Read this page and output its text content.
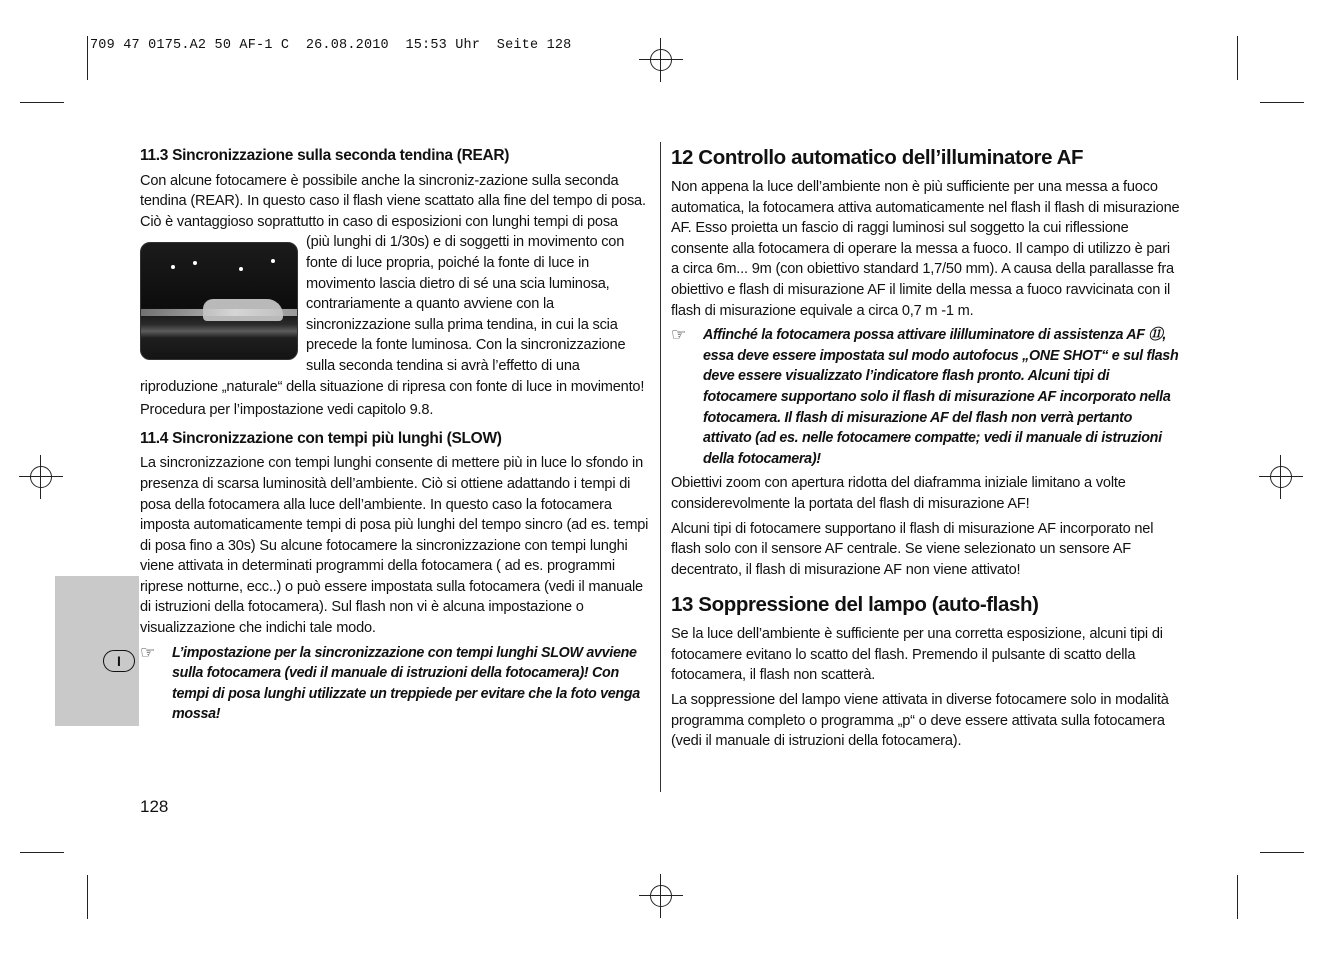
709 47 0175.A2 50 AF-1 C  26.08.2010  15:53 Uhr  Seite 128
I
11.3 Sincronizzazione sulla seconda tendina (REAR)

Con alcune fotocamere è possibile anche la sincroniz-zazione sulla seconda tendina (REAR). In questo caso il flash viene scattato alla fine del tempo di posa. Ciò è vantaggioso soprattutto in caso di esposizioni con lunghi tempi di posa

(più lunghi di 1/30s) e di soggetti in movimento con fonte di luce propria, poiché la fonte di luce in movimento lascia dietro di sé una scia luminosa, contrariamente a quanto avviene con la sincronizzazione sulla prima tendina, in cui la scia precede la fonte luminosa. Con la sincronizzazione sulla seconda tendina si avrà l’effetto di una riproduzione „naturale“ della situazione di ripresa con fonte di luce in movimento!

Procedura per l’impostazione vedi capitolo 9.8.

11.4 Sincronizzazione con tempi più lunghi (SLOW)

La sincronizzazione con tempi lunghi consente di mettere più in luce lo sfondo in presenza di scarsa luminosità dell’ambiente. Ciò si ottiene adattando i tempi di posa della fotocamera alla luce dell’ambiente. In questo caso la fotocamera imposta automaticamente tempi di posa più lunghi del tempo sincro (ad es. tempi di posa fino a 30s) Su alcune fotocamere la sincronizzazione con tempi lunghi viene attivata in determinati programmi della fotocamera ( ad es. programmi riprese notturne, ecc..) o può essere impostata sulla fotocamera (vedi il manuale di istruzioni della fotocamera). Sul flash non vi è alcuna impostazione o visualizzazione che indichi tale modo.

☞	L’impostazione per la sincronizzazione con tempi lunghi SLOW avviene sulla fotocamera (vedi il manuale di istruzioni della fotocamera)! Con tempi di posa lunghi utilizzate un treppiede per evitare che la foto venga mossa!
128
12 Controllo automatico dell’illuminatore AF

Non appena la luce dell’ambiente non è più sufficiente per una messa a fuoco automatica, la fotocamera attiva automaticamente nel flash il flash di misurazione AF. Esso proietta un fascio di raggi luminosi sul soggetto la cui riflessione consente alla fotocamera di operare la messa a fuoco. Il campo di utilizzo è pari a circa 6m... 9m (con obiettivo standard 1,7/50 mm). A causa della parallasse fra obiettivo e flash di misurazione AF il limite della messa a fuoco ravvicinata con il flash di misurazione equivale a circa 0,7 m -1 m.

☞	Affinché la fotocamera possa attivare ililluminatore di assistenza AF ⑪, essa deve essere impostata sul modo autofocus „ONE SHOT“ e sul flash deve essere visualizzato l’indicatore flash pronto. Alcuni tipi di fotocamere supportano solo il flash di misurazione AF incorporato nella fotocamera. Il flash di misurazione AF del flash non verrà pertanto attivato (ad es. nelle fotocamere compatte; vedi il manuale di istruzioni della fotocamera)!

Obiettivi zoom con apertura ridotta del diaframma iniziale limitano a volte considerevolmente la portata del flash di misurazione AF!

Alcuni tipi di fotocamere supportano il flash di misurazione AF incorporato nel flash solo con il sensore AF centrale. Se viene selezionato un sensore AF decentrato, il flash di misurazione AF non viene attivato!

13 Soppressione del lampo (auto-flash)

Se la luce dell’ambiente è sufficiente per una corretta esposizione, alcuni tipi di fotocamere evitano lo scatto del flash. Premendo il pulsante di scatto della fotocamera, il flash non scatterà.

La soppressione del lampo viene attivata in diverse fotocamere solo in modalità programma completo o programma „p“ o deve essere attivata sulla fotocamera (vedi il manuale di istruzioni della fotocamera).
